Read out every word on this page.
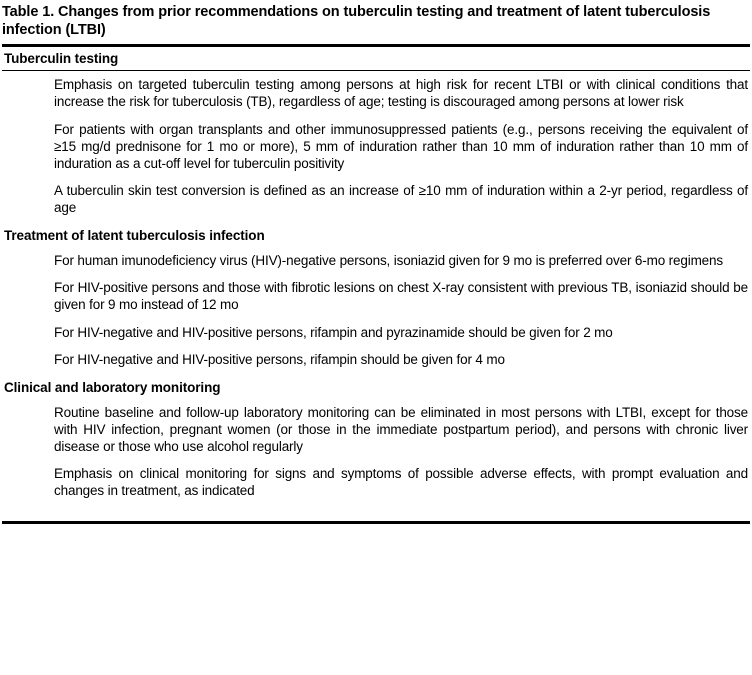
Table 1. Changes from prior recommendations on tuberculin testing and treatment of latent tuberculosis infection (LTBI)
Tuberculin testing
Emphasis on targeted tuberculin testing among persons at high risk for recent LTBI or with clinical conditions that increase the risk for tuberculosis (TB), regardless of age; testing is discouraged among persons at lower risk
For patients with organ transplants and other immunosuppressed patients (e.g., persons receiving the equivalent of ≥15 mg/d prednisone for 1 mo or more), 5 mm of induration rather than 10 mm of induration rather than 10 mm of induration as a cut-off level for tuberculin positivity
A tuberculin skin test conversion is defined as an increase of ≥10 mm of induration within a 2-yr period, regardless of age
Treatment of latent tuberculosis infection
For human imunodeficiency virus (HIV)-negative persons, isoniazid given for 9 mo is preferred over 6-mo regimens
For HIV-positive persons and those with fibrotic lesions on chest X-ray consistent with previous TB, isoniazid should be given for 9 mo instead of 12 mo
For HIV-negative and HIV-positive persons, rifampin and pyrazinamide should be given for 2 mo
For HIV-negative and HIV-positive persons, rifampin should be given for 4 mo
Clinical and laboratory monitoring
Routine baseline and follow-up laboratory monitoring can be eliminated in most persons with LTBI, except for those with HIV infection, pregnant women (or those in the immediate postpartum period), and persons with chronic liver disease or those who use alcohol regularly
Emphasis on clinical monitoring for signs and symptoms of possible adverse effects, with prompt evaluation and changes in treatment, as indicated
